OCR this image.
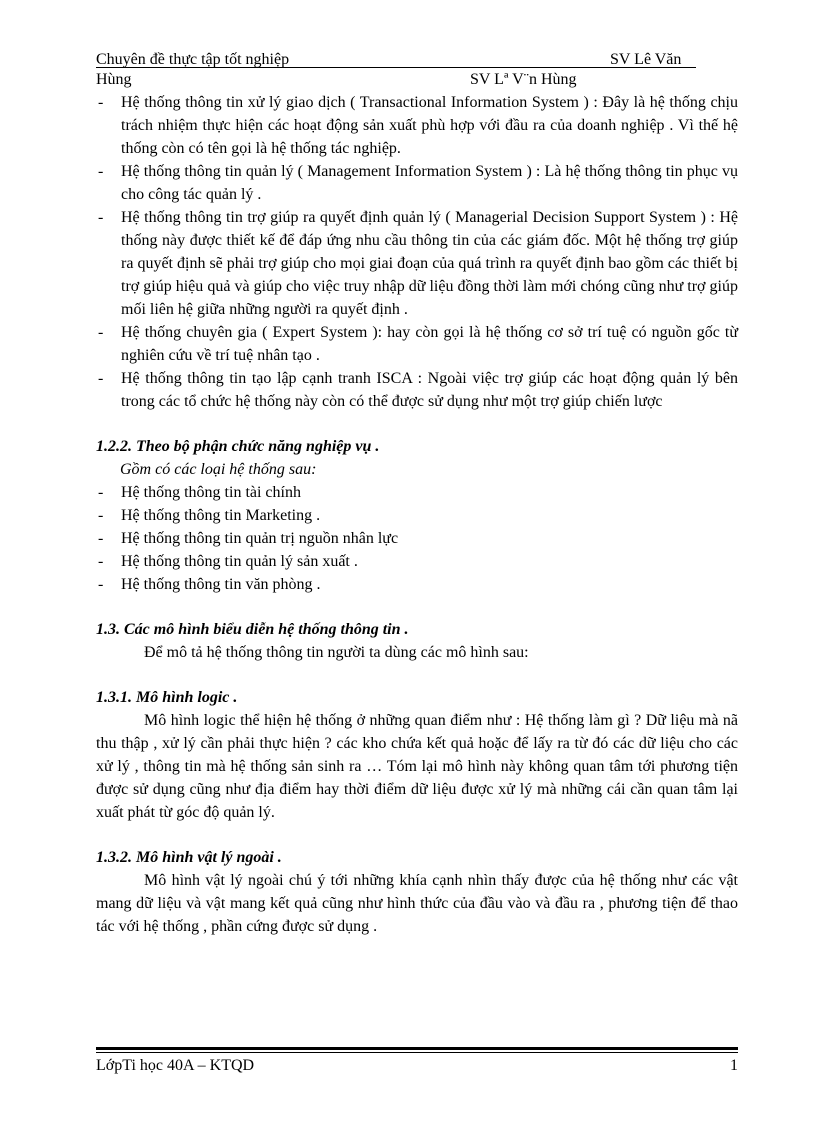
Chuyên đề thực tập tốt nghiệp	SV Lê Văn
Hùng	SV Lª V¨n Hùng
- Hệ thống thông tin xử lý giao dịch ( Transactional Information System ) : Đây là hệ thống chịu trách nhiệm thực hiện các hoạt động sản xuất phù hợp với đầu ra của doanh nghiệp . Vì thế hệ thống còn có tên gọi là hệ thống tác nghiệp.
- Hệ thống thông tin quản lý ( Management Information System ) : Là hệ thống thông tin phục vụ cho công tác quản lý .
- Hệ thống thông tin trợ giúp ra quyết định quản lý ( Managerial Decision Support System ) : Hệ thống này được thiết kế để đáp ứng nhu cầu thông tin của các giám đốc. Một hệ thống trợ giúp ra quyết định sẽ phải trợ giúp cho mọi giai đoạn của quá trình ra quyết định bao gồm các thiết bị trợ giúp hiệu quả và giúp cho việc truy nhập dữ liệu đồng thời làm mới chóng cũng như trợ giúp mối liên hệ giữa những người ra quyết định .
- Hệ thống chuyên gia ( Expert System ): hay còn gọi là hệ thống cơ sở trí tuệ có nguồn gốc từ nghiên cứu về trí tuệ nhân tạo .
- Hệ thống thông tin tạo lập cạnh tranh ISCA : Ngoài việc trợ giúp các hoạt động quản lý bên trong các tổ chức hệ thống này còn có thể được sử dụng như một trợ giúp chiến lược
1.2.2. Theo bộ phận chức năng nghiệp vụ .
Gồm có các loại hệ thống sau:
- Hệ thống thông tin tài chính
- Hệ thống thông tin Marketing .
- Hệ thống thông tin quản trị nguồn nhân lực
- Hệ thống thông tin quản lý sản xuất .
- Hệ thống thông tin văn phòng .
1.3. Các mô hình biểu diễn hệ thống thông tin .
Để mô tả hệ thống thông tin người ta dùng các mô hình sau:
1.3.1. Mô hình logic .
Mô hình logic thể hiện hệ thống ở những quan điểm như : Hệ thống làm gì ? Dữ liệu mà nã thu thập , xử lý cần phải thực hiện ? các kho chứa kết quả hoặc để lấy ra từ đó các dữ liệu cho các xử lý , thông tin mà hệ thống sản sinh ra … Tóm lại mô hình này không quan tâm tới phương tiện được sử dụng cũng như địa điểm hay thời điểm dữ liệu được xử lý mà những cái cần quan tâm lại xuất phát từ góc độ quản lý.
1.3.2. Mô hình vật lý ngoài .
Mô hình vật lý ngoài chú ý tới những khía cạnh nhìn thấy được của hệ thống như các vật mang dữ liệu và vật mang kết quả cũng như hình thức của đầu vào và đầu ra , phương tiện để thao tác với hệ thống , phần cứng được sử dụng .
LớpTi học 40A – KTQD	1
